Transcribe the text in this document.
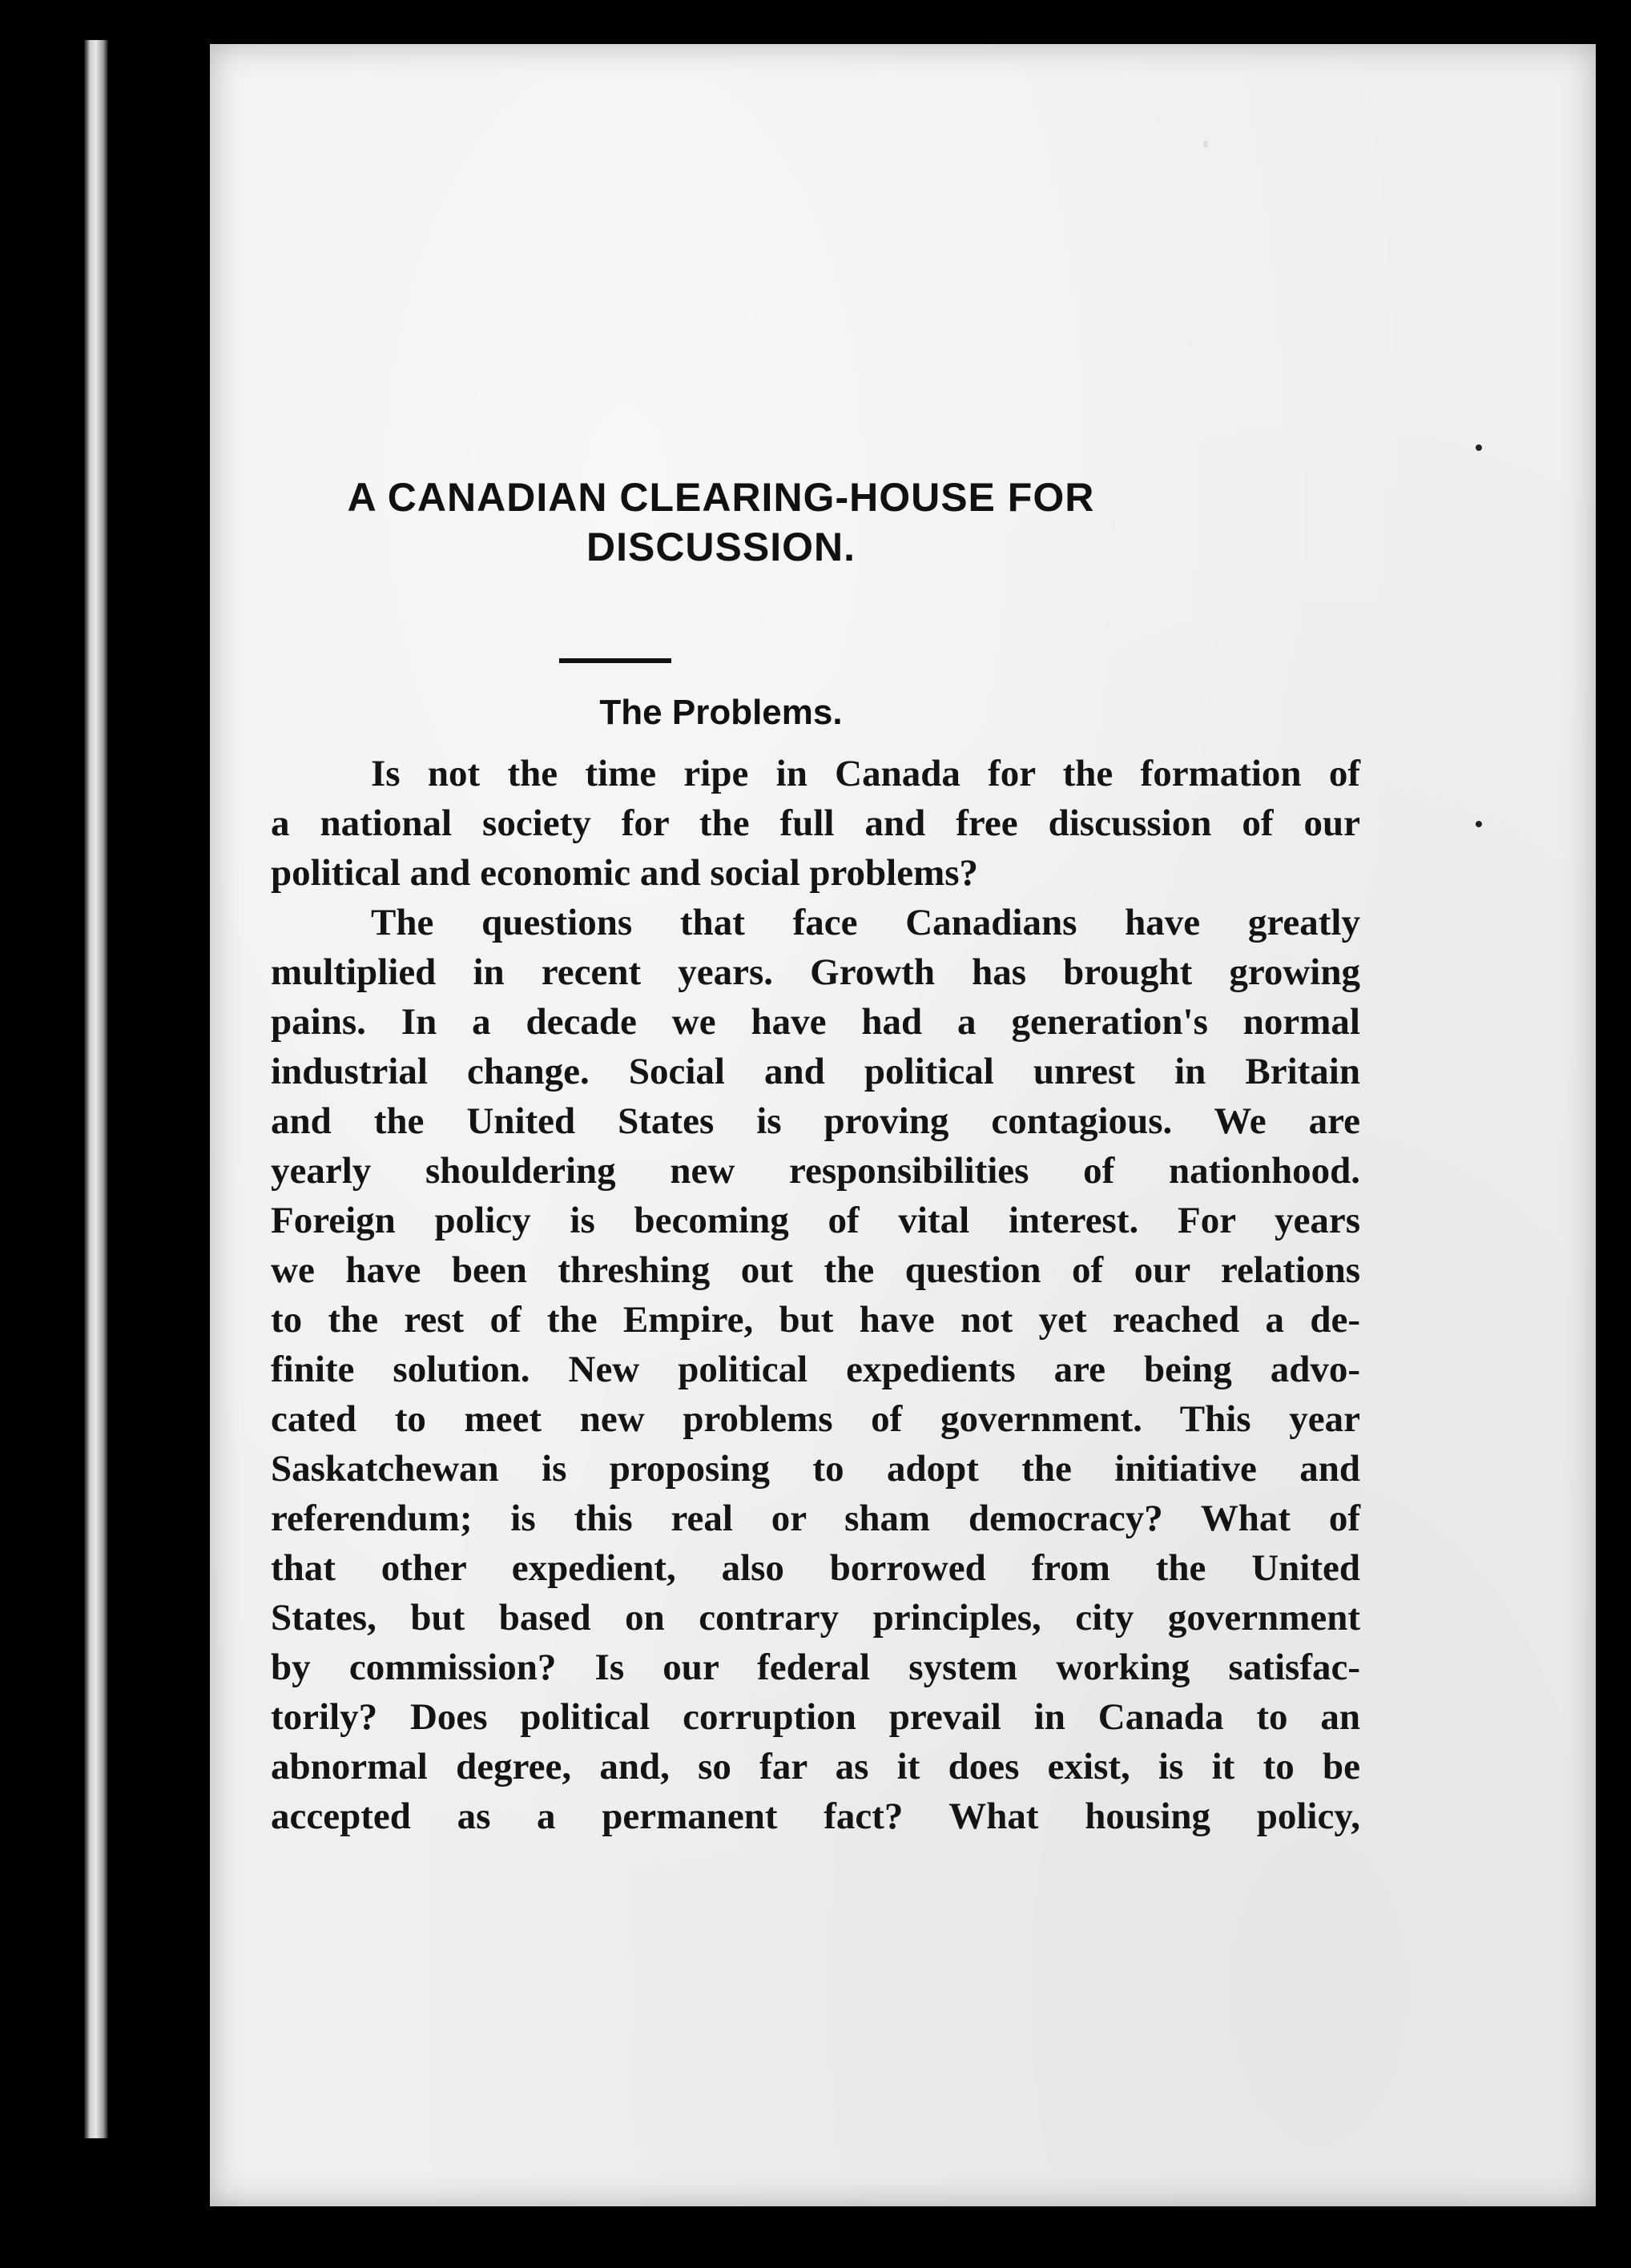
A CANADIAN CLEARING-HOUSE FOR
DISCUSSION.
The Problems.
Is not the time ripe in Canada for the formation of
a national society for the full and free discussion of our
political and economic and social problems?
The questions that face Canadians have greatly
multiplied in recent years. Growth has brought growing
pains. In a decade we have had a generation's normal
industrial change. Social and political unrest in Britain
and the United States is proving contagious. We are
yearly shouldering new responsibilities of nationhood.
Foreign policy is becoming of vital interest. For years
we have been threshing out the question of our relations
to the rest of the Empire, but have not yet reached a de-
finite solution. New political expedients are being advo-
cated to meet new problems of government. This year
Saskatchewan is proposing to adopt the initiative and
referendum; is this real or sham democracy? What of
that other expedient, also borrowed from the United
States, but based on contrary principles, city government
by commission? Is our federal system working satisfac-
torily? Does political corruption prevail in Canada to an
abnormal degree, and, so far as it does exist, is it to be
accepted as a permanent fact? What housing policy,
